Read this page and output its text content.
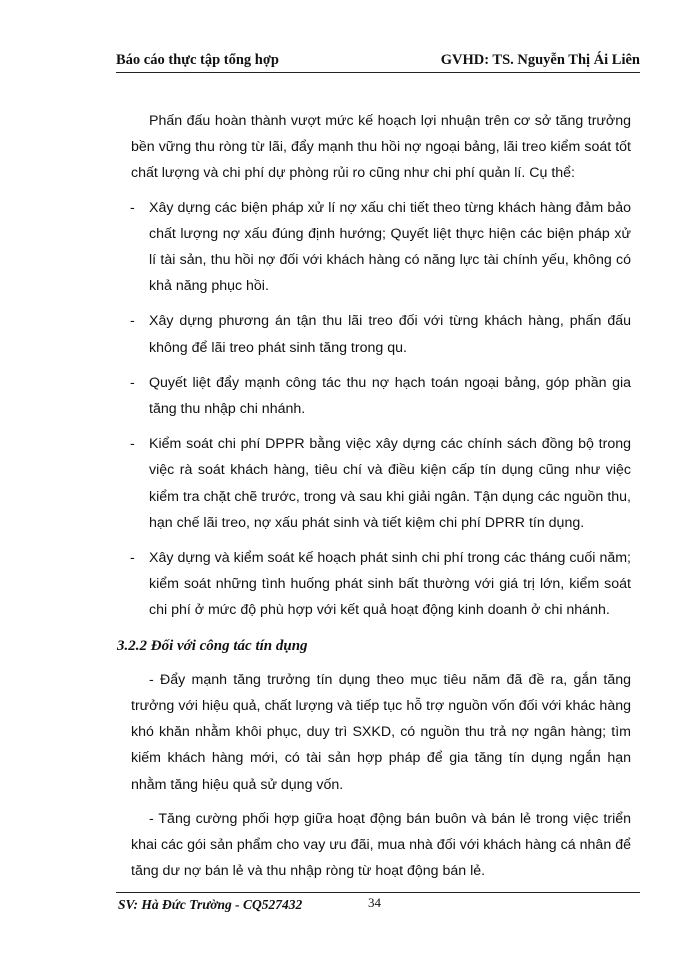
Báo cáo thực tập tổng hợp	GVHD: TS. Nguyễn Thị Ái Liên

Phấn đấu hoàn thành vượt mức kế hoạch lợi nhuận trên cơ sở tăng trưởng bền vững thu ròng từ lãi, đẩy mạnh thu hồi nợ ngoại bảng, lãi treo kiểm soát tốt chất lượng và chi phí dự phòng rủi ro cũng như chi phí quản lí. Cụ thể:

- Xây dựng các biện pháp xử lí nợ xấu chi tiết theo từng khách hàng đảm bảo chất lượng nợ xấu đúng định hướng; Quyết liệt thực hiện các biện pháp xử lí tài sản, thu hồi nợ đối với khách hàng có năng lực tài chính yếu, không có khả năng phục hồi.
- Xây dựng phương án tận thu lãi treo đối với từng khách hàng, phấn đấu không để lãi treo phát sinh tăng trong qu.
- Quyết liệt đẩy mạnh công tác thu nợ hạch toán ngoại bảng, góp phần gia tăng thu nhập chi nhánh.
- Kiểm soát chi phí DPPR bằng việc xây dựng các chính sách đồng bộ trong việc rà soát khách hàng, tiêu chí và điều kiện cấp tín dụng cũng như việc kiểm tra chặt chẽ trước, trong và sau khi giải ngân. Tận dụng các nguồn thu, hạn chế lãi treo, nợ xấu phát sinh và tiết kiệm chi phí DPRR tín dụng.
- Xây dựng và kiểm soát kế hoạch phát sinh chi phí trong các tháng cuối năm; kiểm soát những tình huống phát sinh bất thường với giá trị lớn, kiểm soát chi phí ở mức độ phù hợp với kết quả hoạt động kinh doanh ở chi nhánh.
3.2.2 Đối với công tác tín dụng

- Đẩy mạnh tăng trưởng tín dụng theo mục tiêu năm đã đề ra, gắn tăng trưởng với hiệu quả, chất lượng và tiếp tục hỗ trợ nguồn vốn đối với khác hàng khó khăn nhằm khôi phục, duy trì SXKD, có nguồn thu trả nợ ngân hàng; tìm kiếm khách hàng mới, có tài sản hợp pháp để gia tăng tín dụng ngắn hạn nhằm tăng hiệu quả sử dụng vốn.

- Tăng cường phối hợp giữa hoạt động bán buôn và bán lẻ trong việc triển khai các gói sản phẩm cho vay ưu đãi, mua nhà đối với khách hàng cá nhân để tăng dư nợ bán lẻ và thu nhập ròng từ hoạt động bán lẻ.

SV: Hà Đức Trường - CQ527432	34
